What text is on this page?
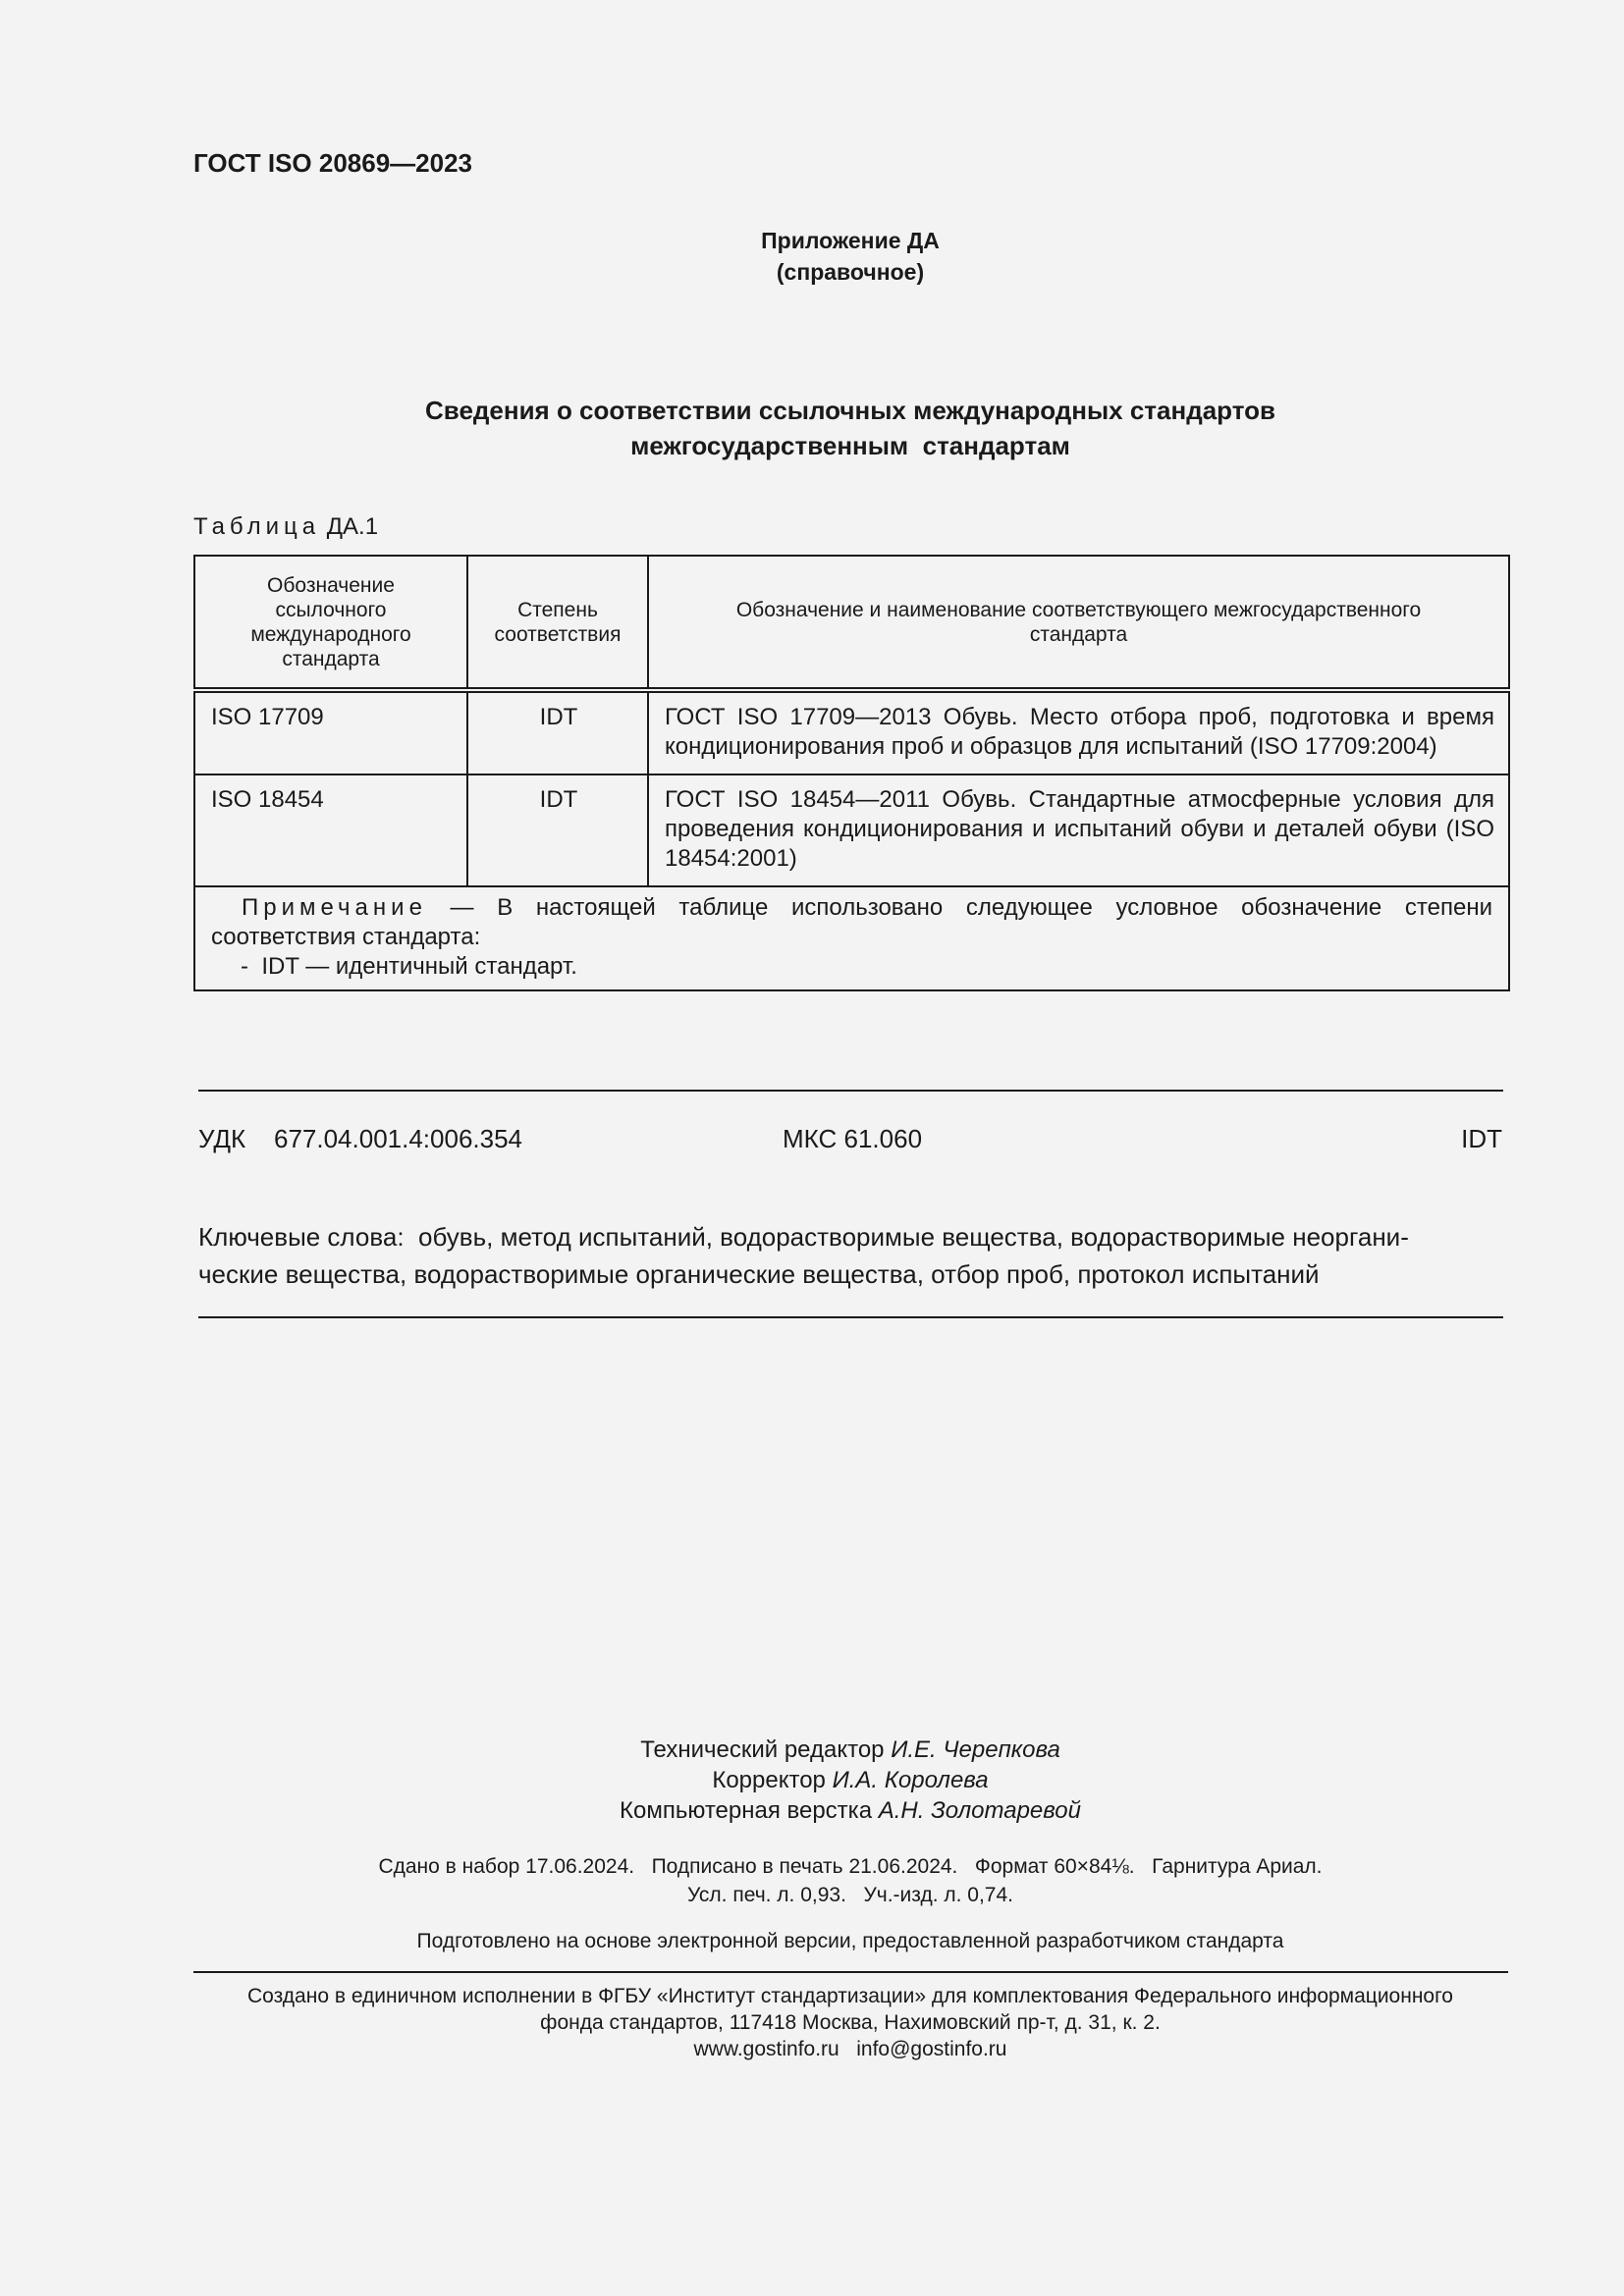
ГОСТ ISO 20869—2023
Приложение ДА
(справочное)
Сведения о соответствии ссылочных международных стандартов
межгосударственным  стандартам
Таблица ДА.1
Обозначение ссылочного международного стандарта	Степень соответствия	Обозначение и наименование соответствующего межгосударственного стандарта
ISO 17709	IDT	ГОСТ ISO 17709—2013 Обувь. Место отбора проб, подготовка и время кондиционирования проб и образцов для испытаний (ISO 17709:2004)
ISO 18454	IDT	ГОСТ ISO 18454—2011 Обувь. Стандартные атмосферные условия для проведения кондиционирования и испытаний обуви и деталей обуви (ISO 18454:2001)
Примечание — В настоящей таблице использовано следующее условное обозначение степени соответствия стандарта:
-  IDT — идентичный стандарт.		
УДК    677.04.001.4:006.354	МКС 61.060	IDT
Ключевые слова:  обувь, метод испытаний, водорастворимые вещества, водорастворимые неоргани-
ческие вещества, водорастворимые органические вещества, отбор проб, протокол испытаний
Технический редактор И.Е. Черепкова
Корректор И.А. Королева
Компьютерная верстка А.Н. Золотаревой
Сдано в набор 17.06.2024.   Подписано в печать 21.06.2024.   Формат 60×84⅛.   Гарнитура Ариал.
Усл. печ. л. 0,93.   Уч.-изд. л. 0,74.
Подготовлено на основе электронной версии, предоставленной разработчиком стандарта
Создано в единичном исполнении в ФГБУ «Институт стандартизации» для комплектования Федерального информационного
фонда стандартов, 117418 Москва, Нахимовский пр-т, д. 31, к. 2.
www.gostinfo.ru info@gostinfo.ru
